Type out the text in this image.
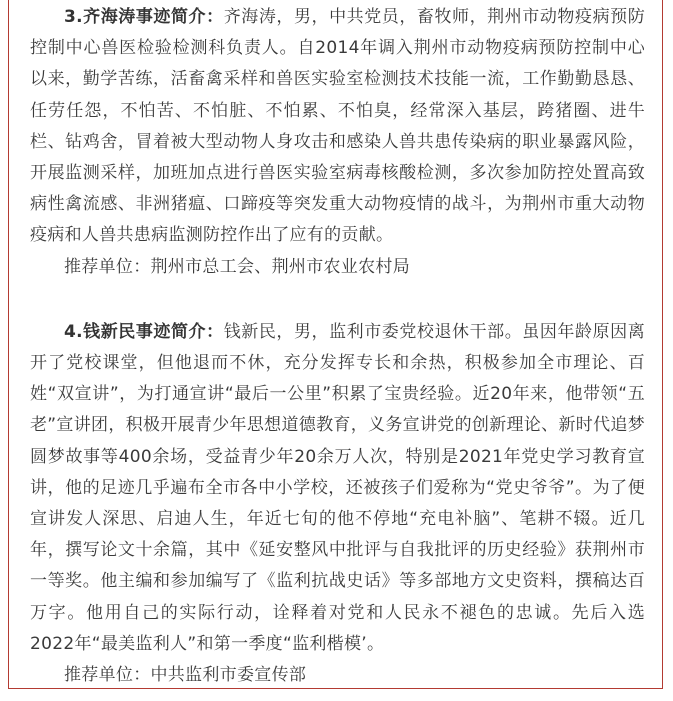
3.齐海涛事迹简介：齐海涛，男，中共党员，畜牧师，荆州市动物疫病预防控制中心兽医检验检测科负责人。自2014年调入荆州市动物疫病预防控制中心以来，勤学苦练，活畜禽采样和兽医实验室检测技术技能一流，工作勤勤恳恳、任劳任怨，不怕苦、不怕脏、不怕累、不怕臭，经常深入基层，跨猪圈、进牛栏、钻鸡舍，冒着被大型动物人身攻击和感染人兽共患传染病的职业暴露风险，开展监测采样，加班加点进行兽医实验室病毒核酸检测，多次参加防控处置高致病性禽流感、非洲猪瘟、口蹄疫等突发重大动物疫情的战斗，为荆州市重大动物疫病和人兽共患病监测防控作出了应有的贡献。

推荐单位：荆州市总工会、荆州市农业农村局

4.钱新民事迹简介：钱新民，男，监利市委党校退休干部。虽因年龄原因离开了党校课堂，但他退而不休，充分发挥专长和余热，积极参加全市理论、百姓“双宣讲”，为打通宣讲“最后一公里”积累了宝贵经验。近20年来，他带领“五老”宣讲团，积极开展青少年思想道德教育，义务宣讲党的创新理论、新时代追梦圆梦故事等400余场，受益青少年20余万人次，特别是2021年党史学习教育宣讲，他的足迹几乎遍布全市各中小学校，还被孩子们爱称为“党史爷爷”。为了便宣讲发人深思、启迪人生，年近七旬的他不停地“充电补脑”、笔耕不辍。近几年，撰写论文十余篇，其中《延安整风中批评与自我批评的历史经验》获荆州市一等奖。他主编和参加编写了《监利抗战史话》等多部地方文史资料，撰稿达百万字。他用自己的实际行动，诠释着对党和人民永不褪色的忠诚。先后入选2022年“最美监利人”和第一季度“监利楷模’。

推荐单位：中共监利市委宣传部
